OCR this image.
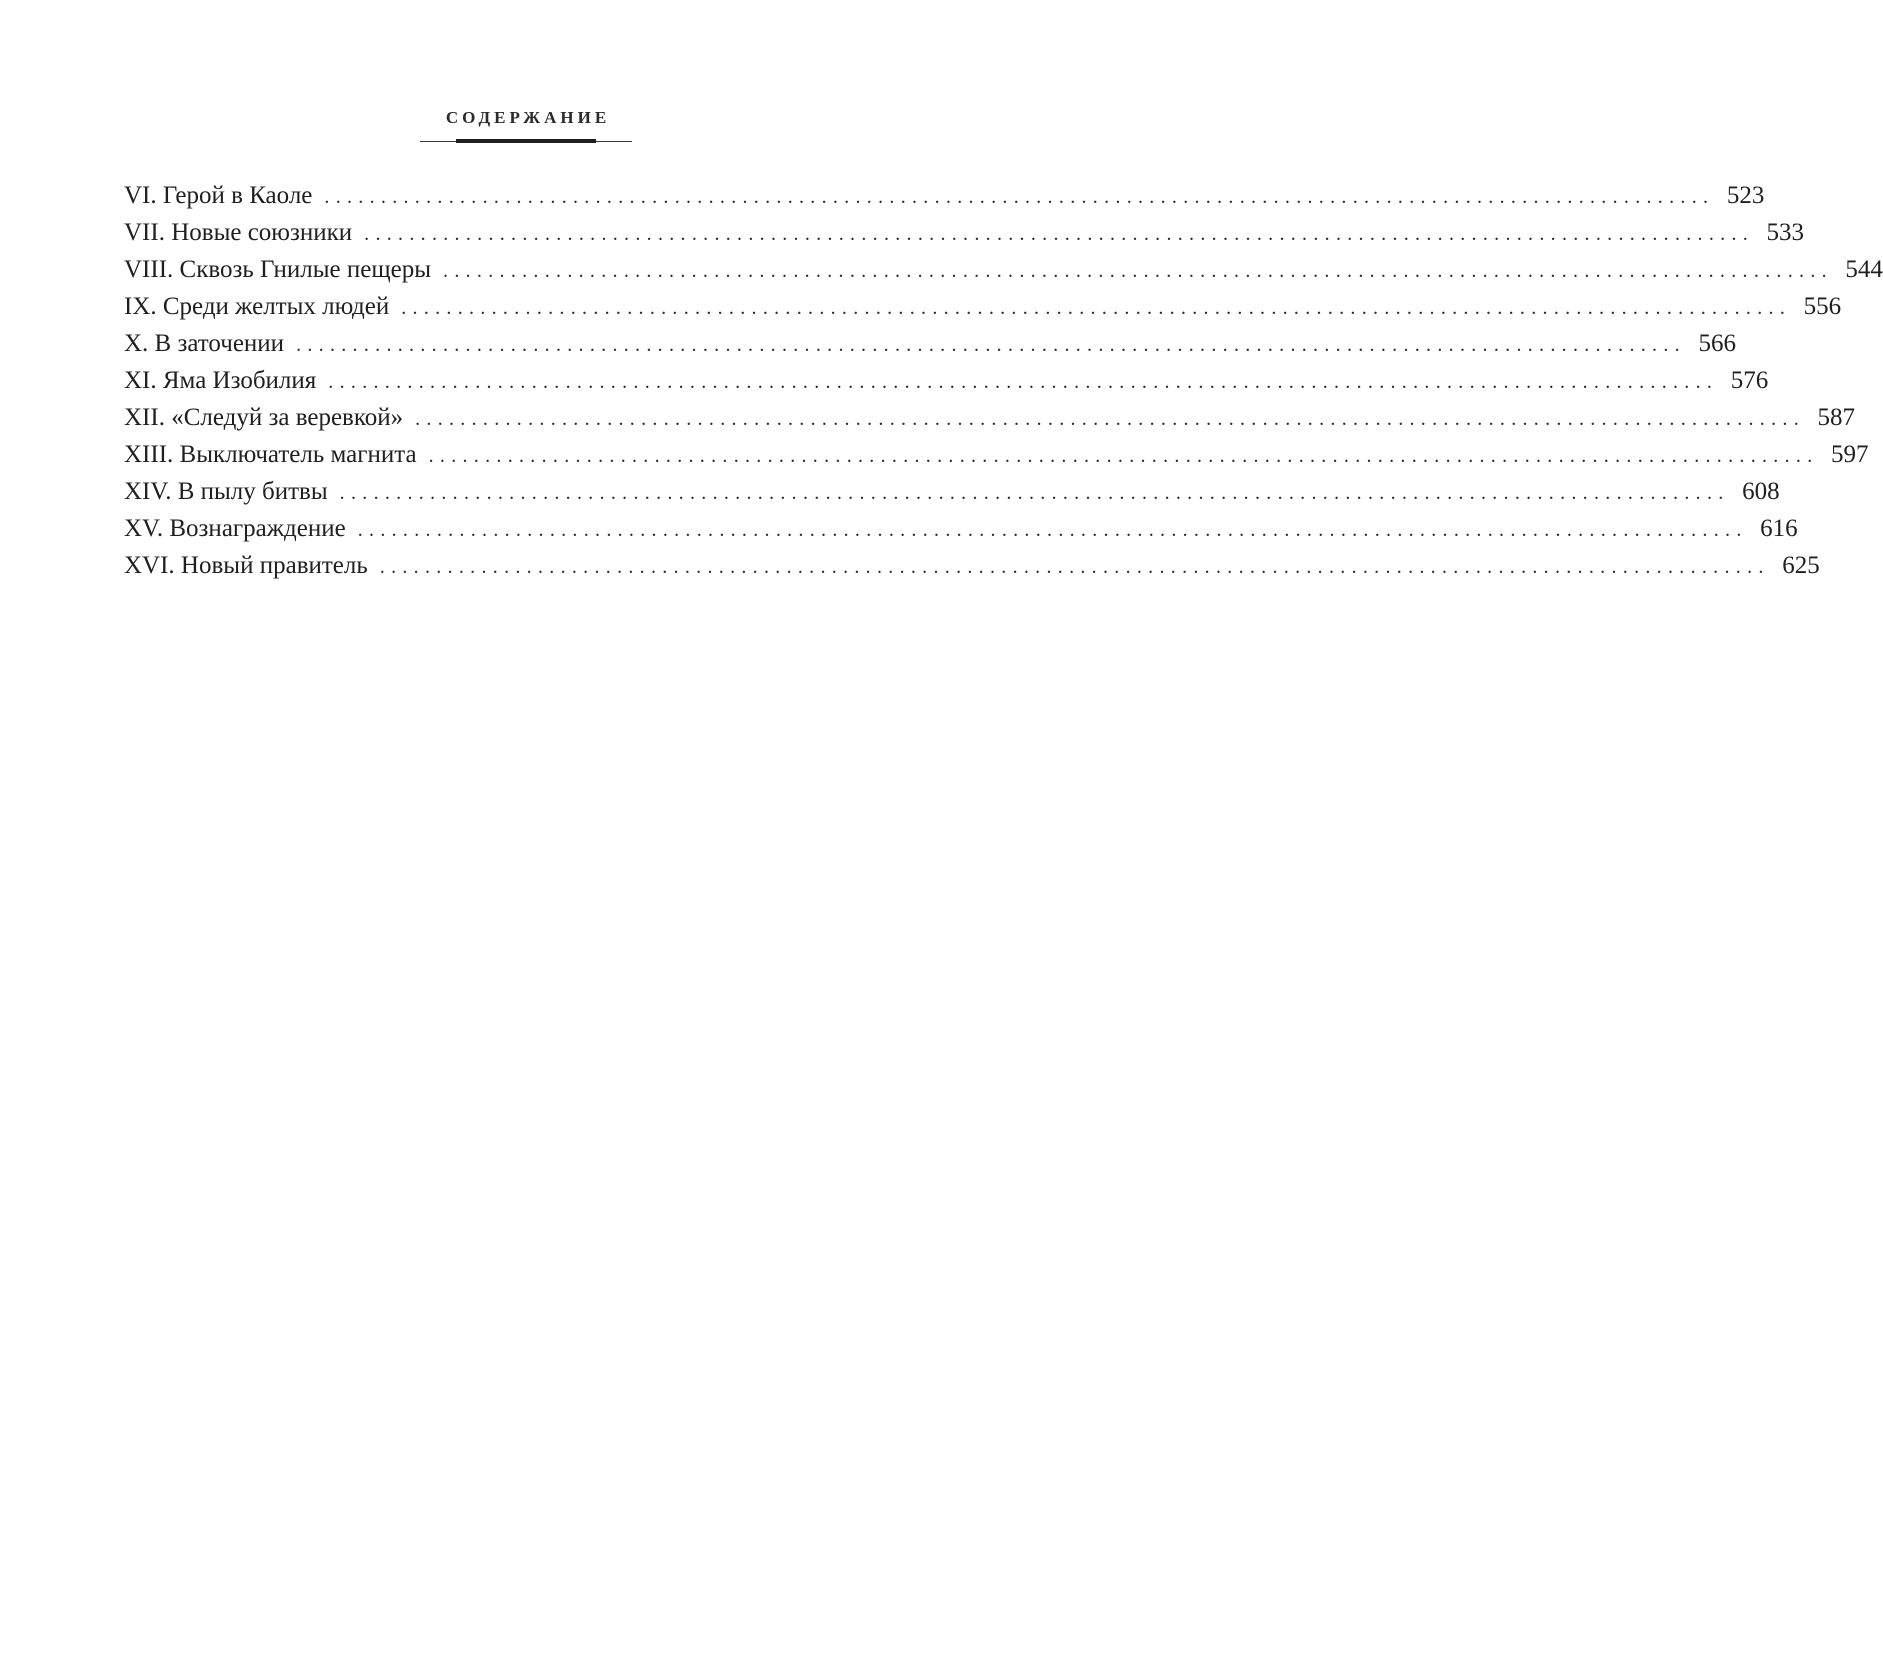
СОДЕРЖАНИЕ
VI. Герой в Каоле ........................................................................................................................... 523
VII. Новые союзники ........................................................................................................................... 533
VIII. Сквозь Гнилые пещеры ........................................................................................................................... 544
IX. Среди желтых людей ........................................................................................................................... 556
X. В заточении ........................................................................................................................... 566
XI. Яма Изобилия ........................................................................................................................... 576
XII. «Следуй за веревкой» ........................................................................................................................... 587
XIII. Выключатель магнита ........................................................................................................................... 597
XIV. В пылу битвы ........................................................................................................................... 608
XV. Вознаграждение ........................................................................................................................... 616
XVI. Новый правитель ........................................................................................................................... 625
